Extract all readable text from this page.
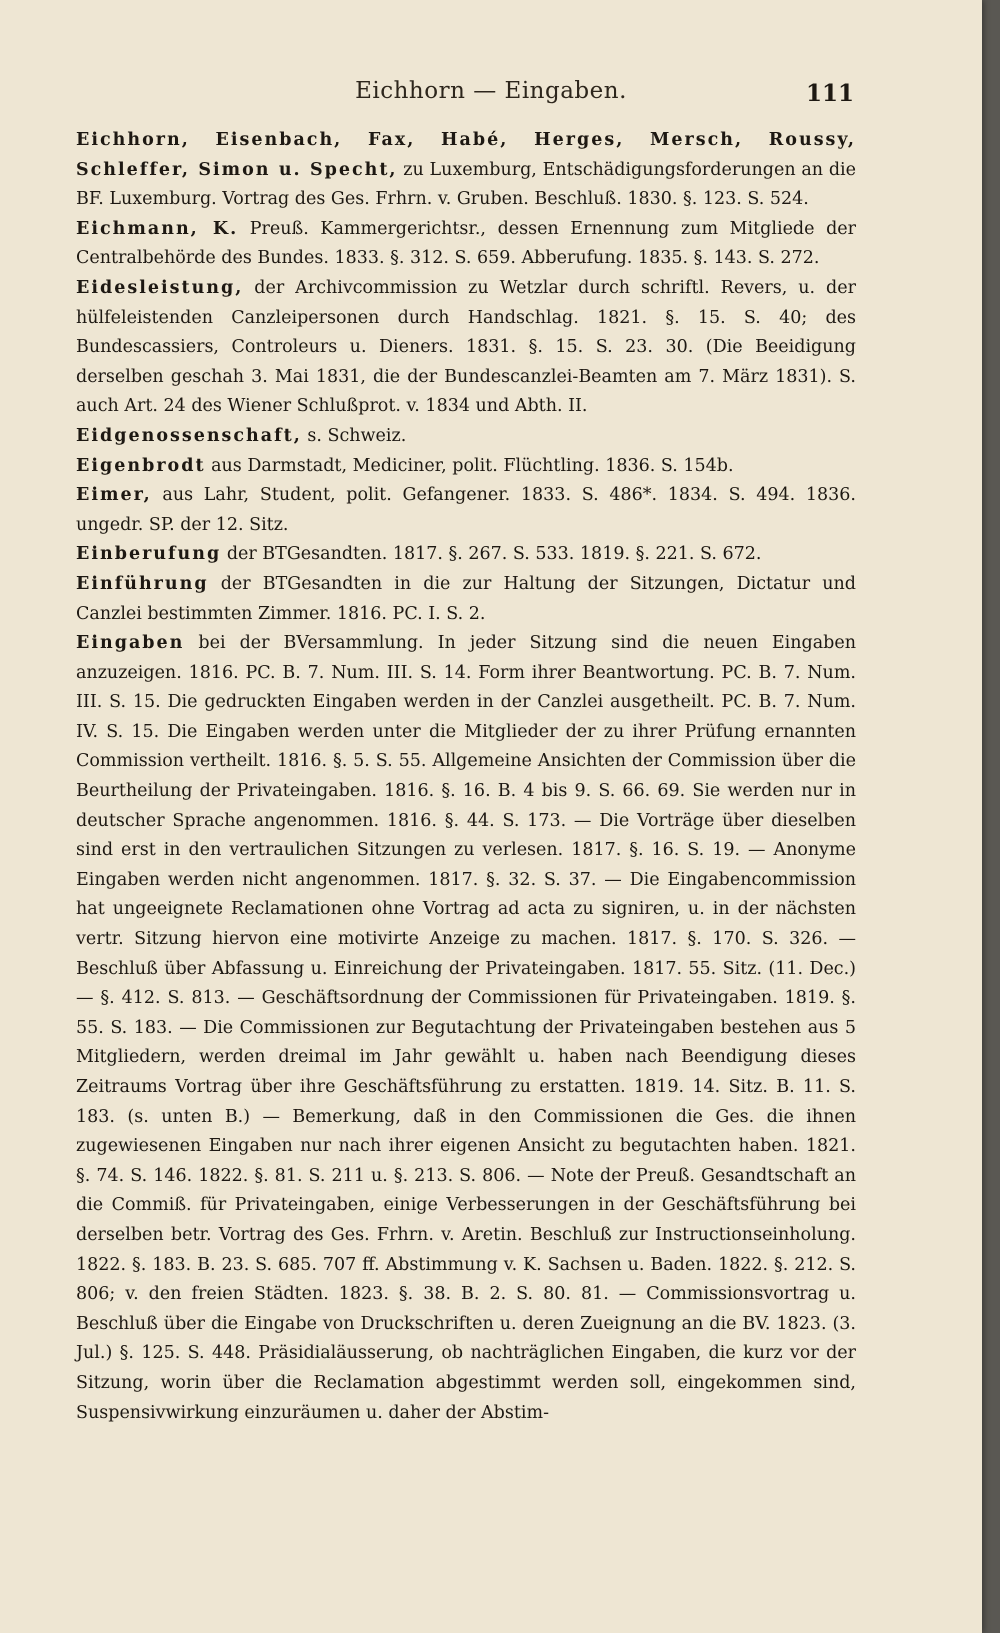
Eichhorn — Eingaben.	111

Eichhorn, Eisenbach, Fax, Habé, Herges, Mersch, Roussy, Schleffer, Simon u. Specht, zu Luxemburg, Entschädigungsforderungen an die BF. Luxemburg. Vortrag des Ges. Frhrn. v. Gruben. Beschluß. 1830. §. 123. S. 524.

Eichmann, K. Preuß. Kammergerichtsr., dessen Ernennung zum Mitgliede der Centralbehörde des Bundes. 1833. §. 312. S. 659. Abberufung. 1835. §. 143. S. 272.

Eidesleistung, der Archivcommission zu Wetzlar durch schriftl. Revers, u. der hülfeleistenden Canzleipersonen durch Handschlag. 1821. §. 15. S. 40; des Bundescassiers, Controleurs u. Dieners. 1831. §. 15. S. 23. 30. (Die Beeidigung derselben geschah 3. Mai 1831, die der Bundescanzlei-Beamten am 7. März 1831). S. auch Art. 24 des Wiener Schlußprot. v. 1834 und Abth. II.

Eidgenossenschaft, s. Schweiz.

Eigenbrodt aus Darmstadt, Mediciner, polit. Flüchtling. 1836. S. 154b.

Eimer, aus Lahr, Student, polit. Gefangener. 1833. S. 486*. 1834. S. 494. 1836. ungedr. SP. der 12. Sitz.

Einberufung der BTGesandten. 1817. §. 267. S. 533. 1819. §. 221. S. 672.

Einführung der BTGesandten in die zur Haltung der Sitzungen, Dictatur und Canzlei bestimmten Zimmer. 1816. PC. I. S. 2.

Eingaben bei der BVersammlung. In jeder Sitzung sind die neuen Eingaben anzuzeigen. 1816. PC. B. 7. Num. III. S. 14. Form ihrer Beantwortung. PC. B. 7. Num. III. S. 15. Die gedruckten Eingaben werden in der Canzlei ausgetheilt. PC. B. 7. Num. IV. S. 15. Die Eingaben werden unter die Mitglieder der zu ihrer Prüfung ernannten Commission vertheilt. 1816. §. 5. S. 55. Allgemeine Ansichten der Commission über die Beurtheilung der Privateingaben. 1816. §. 16. B. 4 bis 9. S. 66. 69. Sie werden nur in deutscher Sprache angenommen. 1816. §. 44. S. 173. — Die Vorträge über dieselben sind erst in den vertraulichen Sitzungen zu verlesen. 1817. §. 16. S. 19. — Anonyme Eingaben werden nicht angenommen. 1817. §. 32. S. 37. — Die Eingabencommission hat ungeeignete Reclamationen ohne Vortrag ad acta zu signiren, u. in der nächsten vertr. Sitzung hiervon eine motivirte Anzeige zu machen. 1817. §. 170. S. 326. — Beschluß über Abfassung u. Einreichung der Privateingaben. 1817. 55. Sitz. (11. Dec.) — §. 412. S. 813. — Geschäftsordnung der Commissionen für Privateingaben. 1819. §. 55. S. 183. — Die Commissionen zur Begutachtung der Privateingaben bestehen aus 5 Mitgliedern, werden dreimal im Jahr gewählt u. haben nach Beendigung dieses Zeitraums Vortrag über ihre Geschäftsführung zu erstatten. 1819. 14. Sitz. B. 11. S. 183. (s. unten B.) — Bemerkung, daß in den Commissionen die Ges. die ihnen zugewiesenen Eingaben nur nach ihrer eigenen Ansicht zu begutachten haben. 1821. §. 74. S. 146. 1822. §. 81. S. 211 u. §. 213. S. 806. — Note der Preuß. Gesandtschaft an die Commiß. für Privateingaben, einige Verbesserungen in der Geschäftsführung bei derselben betr. Vortrag des Ges. Frhrn. v. Aretin. Beschluß zur Instructionseinholung. 1822. §. 183. B. 23. S. 685. 707 ff. Abstimmung v. K. Sachsen u. Baden. 1822. §. 212. S. 806; v. den freien Städten. 1823. §. 38. B. 2. S. 80. 81. — Commissionsvortrag u. Beschluß über die Eingabe von Druckschriften u. deren Zueignung an die BV. 1823. (3. Jul.) §. 125. S. 448. Präsidialäusserung, ob nachträglichen Eingaben, die kurz vor der Sitzung, worin über die Reclamation abgestimmt werden soll, eingekommen sind, Suspensivwirkung einzuräumen u. daher der Abstim-
